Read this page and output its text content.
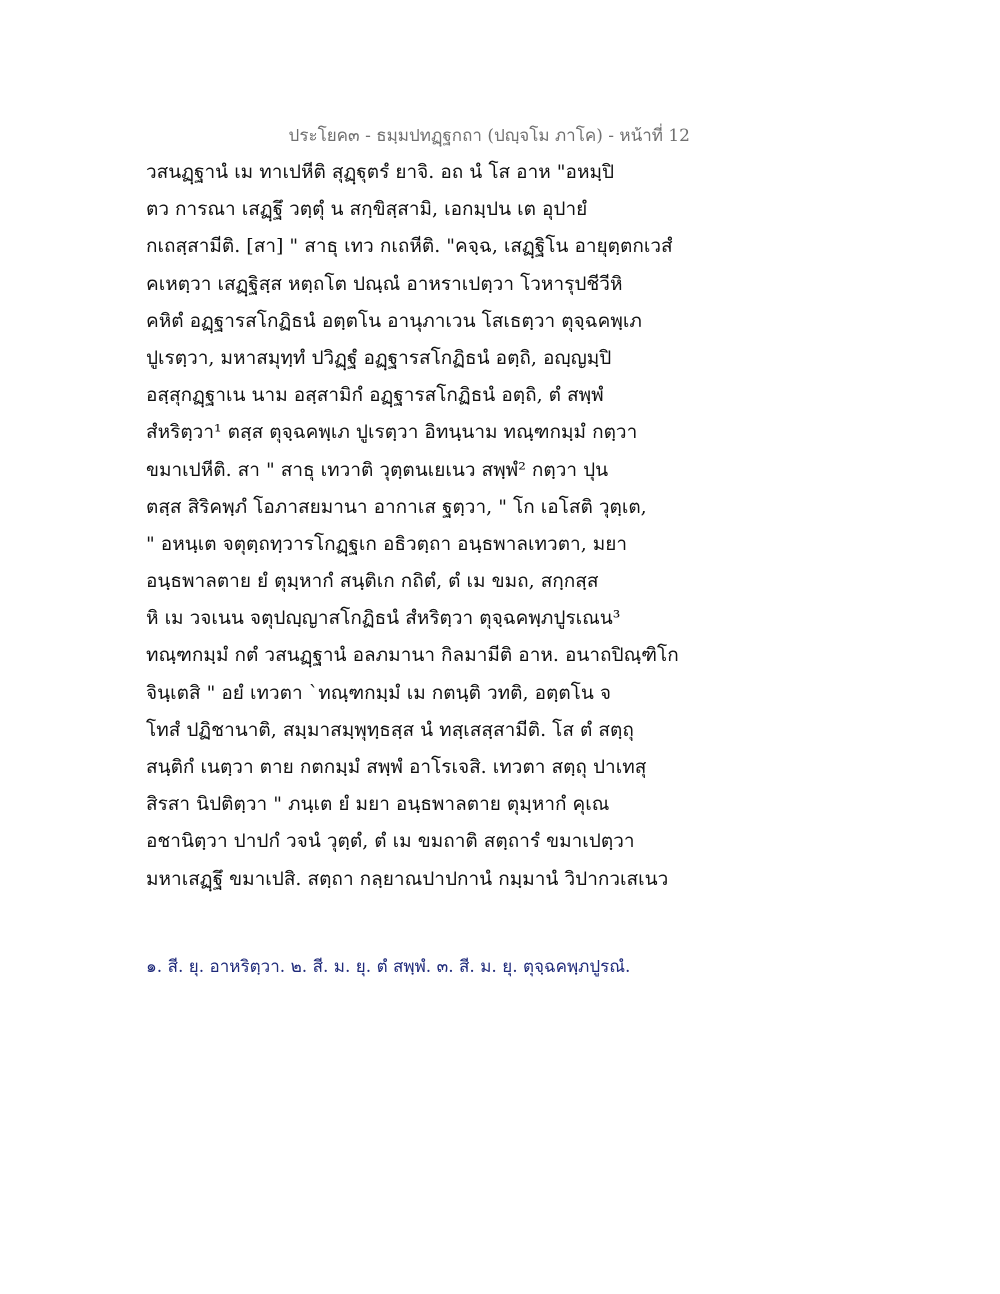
ประโยค๓ - ธมฺมปทฏฺฐกถา (ปญฺจโม ภาโค) - หน้าที่ 12
วสนฏฺฐานํ เม ทาเปหีติ สุฏฺฐุตรํ ยาจิ. อถ นํ โส อาห "อหมฺปิ
ตว การณา เสฏฺฐึ วตฺตุํ น สกฺขิสฺสามิ, เอกมฺปน เต อุปายํ
กเถสฺสามีติ. [สา] " สาธุ เทว กเถหีติ. "คจฺฉ, เสฏฺฐิโน อายุตฺตกเวสํ
คเหตฺวา เสฏฺฐิสฺส หตฺถโต ปณฺณํ อาหราเปตฺวา โวหารุปชีวีหิ
คหิตํ อฏฺฐารสโกฏิธนํ อตฺตโน อานุภาเวน โสเธตฺวา ตุจฺฉคพฺเภ
ปูเรตฺวา, มหาสมุทฺทํ ปวิฏฺฐํ อฏฺฐารสโกฏิธนํ อตฺถิ, อญฺญมฺปิ
อสฺสุกฏฺฐาเน นาม อสฺสามิกํ อฏฺฐารสโกฏิธนํ อตฺถิ, ตํ สพฺพํ
สํหริตฺวา¹ ตสฺส ตุจฺฉคพฺเภ ปูเรตฺวา อิทนฺนาม ทณฺฑกมฺมํ กตฺวา
ขมาเปหีติ. สา " สาธุ เทวาติ วุตฺตนเยเนว สพฺพํ² กตฺวา ปุน
ตสฺส สิริคพฺภํ โอภาสยมานา อากาเส ฐตฺวา, " โก เอโสติ วุตฺเต,
" อหนฺเต จตุตฺถทฺวารโกฏฺฐเก อธิวตฺถา อนฺธพาลเทวตา, มยา
อนฺธพาลตาย ยํ ตุมฺหากํ สนฺติเก กถิตํ, ตํ เม ขมถ, สกฺกสฺส
หิ เม วจเนน จตุปญฺญาสโกฏิธนํ สํหริตฺวา ตุจฺฉคพฺภปูรเณน³
ทณฺฑกมฺมํ กตํ วสนฏฺฐานํ อลภมานา กิลมามีติ อาห. อนาถปิณฺฑิโก
จินฺเตสิ " อยํ เทวตา `ทณฺฑกมฺมํ เม กตนฺติ วทติ, อตฺตโน จ
โทสํ ปฏิชานาติ, สมฺมาสมฺพุทฺธสฺส นํ ทสฺเสสฺสามีติ. โส ตํ สตฺถุ
สนฺติกํ เนตฺวา ตาย กตกมฺมํ สพฺพํ อาโรเจสิ. เทวตา สตฺถุ ปาเทสุ
สิรสา นิปติตฺวา " ภนฺเต ยํ มยา อนฺธพาลตาย ตุมฺหากํ คุเณ
อชานิตฺวา ปาปกํ วจนํ วุตฺตํ, ตํ เม ขมถาติ สตฺถารํ ขมาเปตฺวา
มหาเสฏฺฐึ ขมาเปสิ. สตฺถา กลฺยาณปาปกานํ กมฺมานํ วิปากวเสเนว
๑. สี. ยุ. อาหริตฺวา. ๒. สี. ม. ยุ. ตํ สพฺพํ. ๓. สี. ม. ยุ. ตุจฺฉคพฺภปูรณํ.
